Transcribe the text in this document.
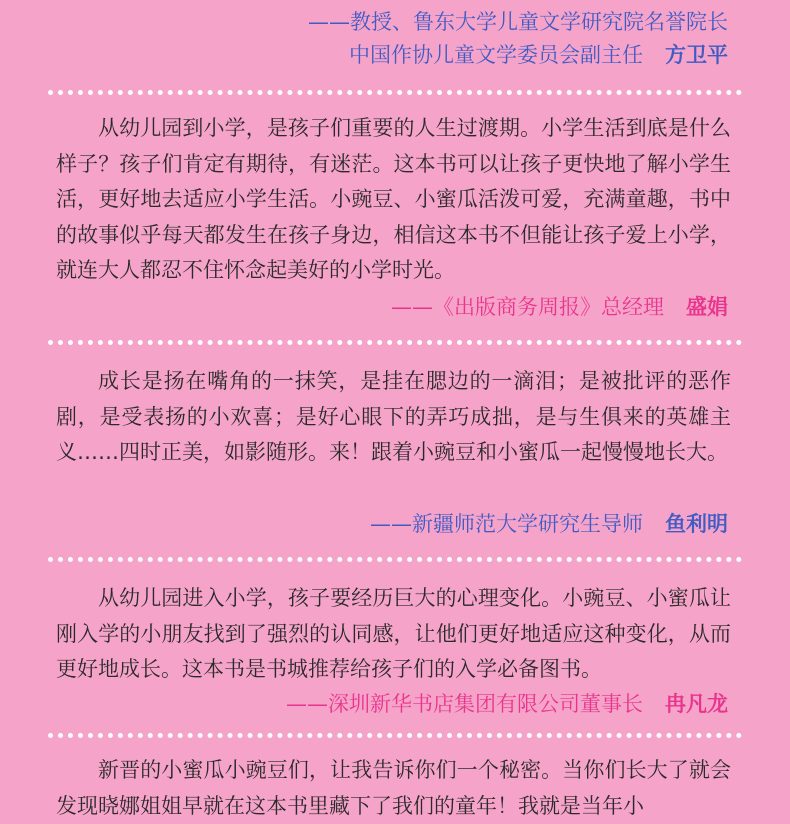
——教授、鲁东大学儿童文学研究院名誉院长
中国作协儿童文学委员会副主任 方卫平

从幼儿园到小学，是孩子们重要的人生过渡期。小学生活到底是什么样子？孩子们肯定有期待，有迷茫。这本书可以让孩子更快地了解小学生活，更好地去适应小学生活。小豌豆、小蜜瓜活泼可爱，充满童趣，书中的故事似乎每天都发生在孩子身边，相信这本书不但能让孩子爱上小学，就连大人都忍不住怀念起美好的小学时光。

——《出版商务周报》总经理 盛娟

成长是扬在嘴角的一抹笑，是挂在腮边的一滴泪；是被批评的恶作剧，是受表扬的小欢喜；是好心眼下的弄巧成拙，是与生俱来的英雄主义……四时正美，如影随形。来！跟着小豌豆和小蜜瓜一起慢慢地长大。

——新疆师范大学研究生导师 鱼利明

从幼儿园进入小学，孩子要经历巨大的心理变化。小豌豆、小蜜瓜让刚入学的小朋友找到了强烈的认同感，让他们更好地适应这种变化，从而更好地成长。这本书是书城推荐给孩子们的入学必备图书。

——深圳新华书店集团有限公司董事长 冉凡龙

新晋的小蜜瓜小豌豆们，让我告诉你们一个秘密。当你们长大了就会发现晓娜姐姐早就在这本书里藏下了我们的童年！我就是当年小
